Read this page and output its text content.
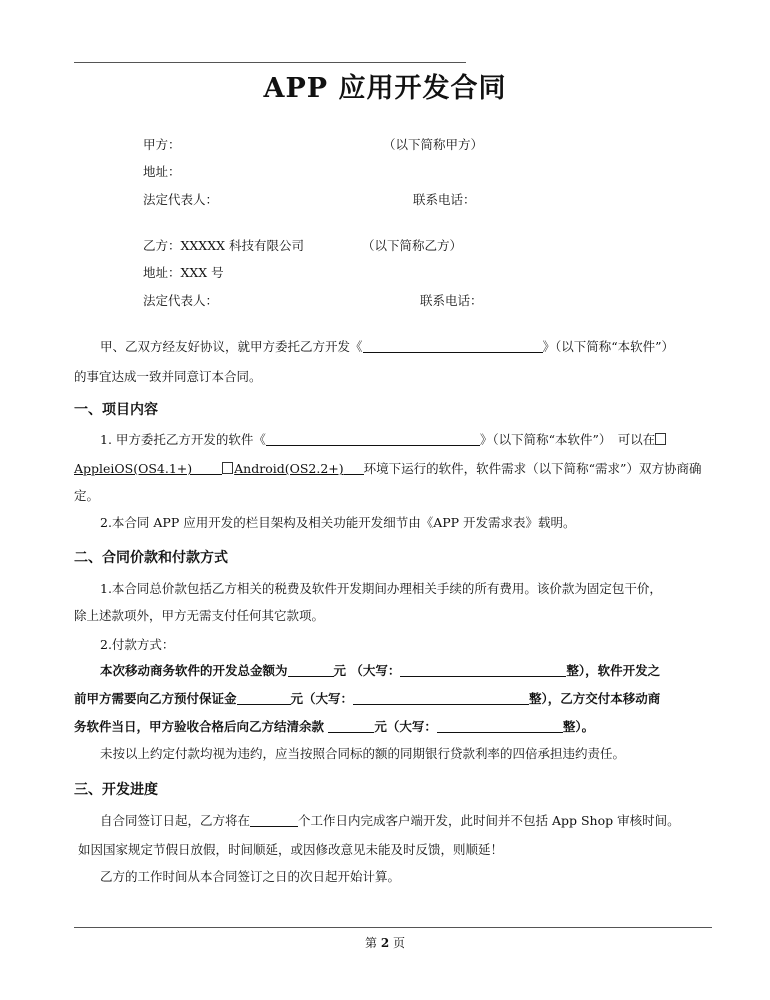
APP 应用开发合同
甲方：	（以下简称甲方）
地址：
法定代表人：	联系电话：
乙方：XXXXX 科技有限公司	（以下简称乙方）
地址：XXX 号
法定代表人：	联系电话：
甲、乙双方经友好协议，就甲方委托乙方开发《	》（以下简称“本软件”）
的事宜达成一致并同意订本合同。
一、项目内容
1. 甲方委托乙方开发的软件《	》（以下简称“本软件”）　可以在
AppleiOS(OS4.1+)	Android(OS2.2+) 环境下运行的软件，软件需求（以下简称“需求”）双方协商确
定。
2.本合同 APP 应用开发的栏目架构及相关功能开发细节由《APP 开发需求表》载明。
二、合同价款和付款方式
1.本合同总价款包括乙方相关的税费及软件开发期间办理相关手续的所有费用。该价款为固定包干价，
除上述款项外，甲方无需支付任何其它款项。
2.付款方式：
本次移动商务软件的开发总金额为	元 （大写：	整），软件开发之
前甲方需要向乙方预付保证金	元（大写：	整），乙方交付本移动商
务软件当日，甲方验收合格后向乙方结清余款	元（大写：	整）。
未按以上约定付款均视为违约，应当按照合同标的额的同期银行贷款利率的四倍承担违约责任。
三、开发进度
自合同签订日起，乙方将在	个工作日内完成客户端开发，此时间并不包括 App Shop 审核时间。
如因国家规定节假日放假，时间顺延，或因修改意见未能及时反馈，则顺延！
乙方的工作时间从本合同签订之日的次日起开始计算。
第 2 页
